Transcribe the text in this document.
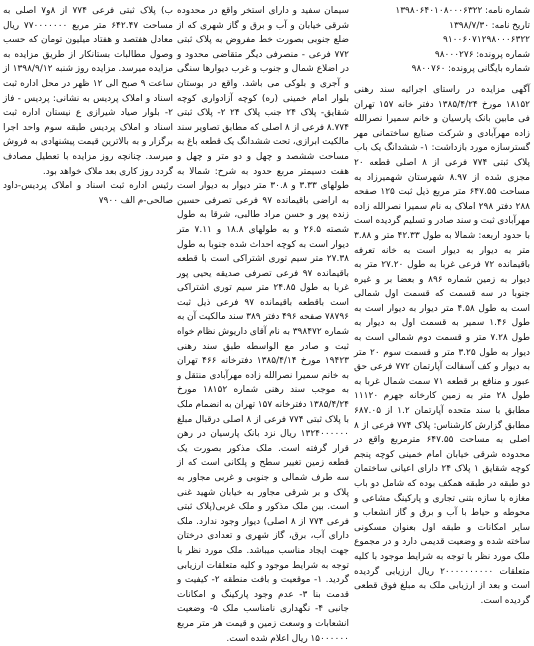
شماره نامه: ۱۳۹۸۰۶۴۰۱۰۸۰۰۰۶۳۲۲

تاریخ نامه: ۱۳۹۸/۷/۳۰

۹۱۰۰۶۰۷۱۲۹۸۰۰۰۶۳۲۲

شماره پرونده: ۹۸۰۰۰۲۷۶

شماره بایگانی پرونده: ۹۸۰۰۷۶۰

آگهی مزایده در راستای اجرائیه سند رهنی ۱۸۱۵۲ مورخ ۱۳۸۵/۴/۲۴ دفتر خانه ۱۵۷ تهران فی مابین بانک پارسیان و خانم سمیرا نصرالله زاده مهرآبادی و شرکت صنایع ساختمانی مهر گسترسازه مورد بازداشت: ۱- ششدانگ یک باب پلاک ثبتی ۷۷۴ فرعی از ۸ اصلی قطعه ۲۰ مجزی شده از ۸.۹۷ شهرستان شهمیرزاد به مساحت ۶۴۷.۵۵ متر مربع ذیل ثبت ۱۲۵ صفحه ۲۸۸ دفتر ۲۹۸ املاک به نام سمیرا نصرالله زاده مهرآبادی ثبت و سند صادر و تسلیم گردیده است با حدود اربعه: شمالا به طول ۴۲.۳۳ متر و ۳.۸۸ متر به دیوار به دیوار است به خانه تعرفه باقیمانده ۷۲ فرعی غربا به طول ۲۷.۲۰ متر به دیوار به زمین شماره ۸۹۶ و بعضا بر و غیره جنوبا در سه قسمت که قسمت اول شمالی است به طول ۴.۵۸ متر دیوار به دیوار است به طول ۱.۴۶ سمیر به قسمت اول به دیوار به طول ۷.۲۸ متر و قسمت دوم شمالی است به دیوار به طول ۳.۲۵ متر و قسمت سوم ۲۰ متر به دیوار و کف آسفالت آپارتمان ۷۷۲ فرعی حق عبور و منافع بر قطعه ۷۱ سمت شمال غربا به طول ۲۸ متر به زمین کارخانه جهرم ۱۱۱۲۰ مطابق با سند متحده آپارتمان ۱.۲ از ۶۸۷.۰۵ مطابق گزارش کارشناس: پلاک ۷۷۴ فرعی از ۸ اصلی به مساحت ۶۴۷.۵۵ مترمربع واقع در محدوده شرقی خیابان امام خمینی کوچه پنجم کوچه شقایق ۱ پلاک ۲۴ دارای اعیانی ساختمان دو طبقه در طبقه همکف بوده که شامل دو باب مغازه با سازه بتنی تجاری و پارکینگ مشاعی و محوطه و حیاط با آب و برق و گاز انشعاب و سایر امکانات و طبقه اول بعنوان مسکونی ساخته شده و وضعیت قدیمی دارد و در مجموع ملک مورد نظر با توجه به شرایط موجود با کلیه متعلقات ۲۰۰۰۰۰۰۰۰۰۰ ریال ارزیابی گردیده است و بعد از ارزیابی ملک به مبلغ فوق قطعی گردیده است.

سیمان سفید و دارای استخر واقع در محدوده شرقی خیابان و آب و برق و گاز شهری که از ضلع جنوبی بصورت خط مفروض به پلاک ثبتی ۷۷۲ فرعی - منصرفی دیگر متقاضی محدود و در اضلاع شمال و جنوب و غرب دیوارها سنگی و آجری و بلوکی می باشد. واقع در بوستان بلوار امام خمینی (ره) کوچه آزادواری کوچه شقایق- پلاک ۲۴ جنب پلاک ۲۴ ۲- پلاک ثبتی ۸.۷۷۴ فرعی از ۸ اصلی که مطابق تصاویر سند مالکیت ابرازی، تحت ششدانگ یک قطعه باغ به مساحت ششصد و چهل و دو متر و چهل و هفت دسیمتر مربع حدود به شرح: شمالا به طولهای ۳.۳۳ و ۳۰.۸ متر دیوار به دیوار است به اراضی باقیمانده ۹۷ فرعی تصرفی حسین زنده پور و حسن مراد طالبی، شرقا به طول شصته ۲۶.۵ و به طولهای ۱۸.۸ و ۷.۱۱ متر دیوار است به کوچه احداث شده جنوبا به طول ۲۷.۳۸ متر سیم توری اشتراکی است با قطعه باقیمانده ۹۷ فرعی تصرفی صدیقه یحیی پور غربا به طول ۲۴.۸۵ متر سیم توری اشتراکی است باقطعه باقیمانده ۹۷ فرعی ذیل ثبت ۷۸۷۹۶ صفحه ۴۹۶ دفتر ۳۸۹ سند مالکیت آن به شماره ۳۹۸۴۷۲ به نام آقای داریوش نظام خواه ثبت و صادر مع الواسطه طبق سند رهنی ۱۹۴۲۳ مورخ ۱۳۸۵/۴/۱۴ دفترخانه ۴۶۶ تهران به خانم سمیرا نصرالله زاده مهرآبادی منتقل و به موجب سند رهنی شماره ۱۸۱۵۲ مورخ ۱۳۸۵/۴/۲۴ دفترخانه ۱۵۷ تهران به انضمام ملک با پلاک ثبتی ۷۷۴ فرعی از ۸ اصلی درقبال مبلغ ۱۳۲۴۰۰۰۰۰۰ ریال نزد بانک پارسیان در رهن قرار گرفته است. ملک مذکور بصورت یک قطعه زمین تغییر سطح و پلکانی است که از سه طرف شمالی و جنوبی و غربی مجاور به پلاک و بر شرقی مجاور به خیابان شهید غنی است. بین ملک مذکور و ملک غربی(پلاک ثبتی فرعی ۷۷۴ از ۸ اصلی) دیوار وجود ندارد. ملک دارای آب، برق، گاز شهری و تعدادی درختان جهت ایجاد مناسب میباشد. ملک مورد نظر با توجه به شرایط موجود و کلیه متعلقات ارزیابی گردید. ۱- موقعیت و بافت منطقه ۲- کیفیت و قدمت بنا ۳- عدم وجود پارکینگ و امکانات جانبی ۴- نگهداری نامناسب ملک ۵- وضعیت انشعابات و وسعت زمین و قیمت هر متر مربع ۱۵۰۰۰۰۰۰ ریال اعلام شده است.

ب) پلاک ثبتی فرعی ۷۷۴ از ۸و۷ اصلی به مساحت ۶۴۲.۴۷ متر مربع ۷۷۰۰۰۰۰۰۰ ریال معادل هفتصد و هفتاد میلیون تومان که حسب وصول مطالبات بستانکار از طریق مزایده به مزایده میرسد. مزایده روز شنبه ۱۳۹۸/۹/۱۲ از ساعت ۹ صبح الی ۱۲ ظهر در محل اداره ثبت اسناد و املاک پردیس به نشانی: پردیس - فاز ۲- بلوار صیاد شیرازی ع نیستان اداره ثبت اسناد و املاک پردیس طبقه سوم واحد اجرا برگزار و به بالاترین قیمت پیشنهادی به فروش میرسد. چنانچه روز مزایده با تعطیل مصادف گردد روز کاری بعد ملاک خواهد بود.

رئیس اداره ثبت اسناد و املاک پردیس-داود صالحی-م الف ۷۹۰۰
